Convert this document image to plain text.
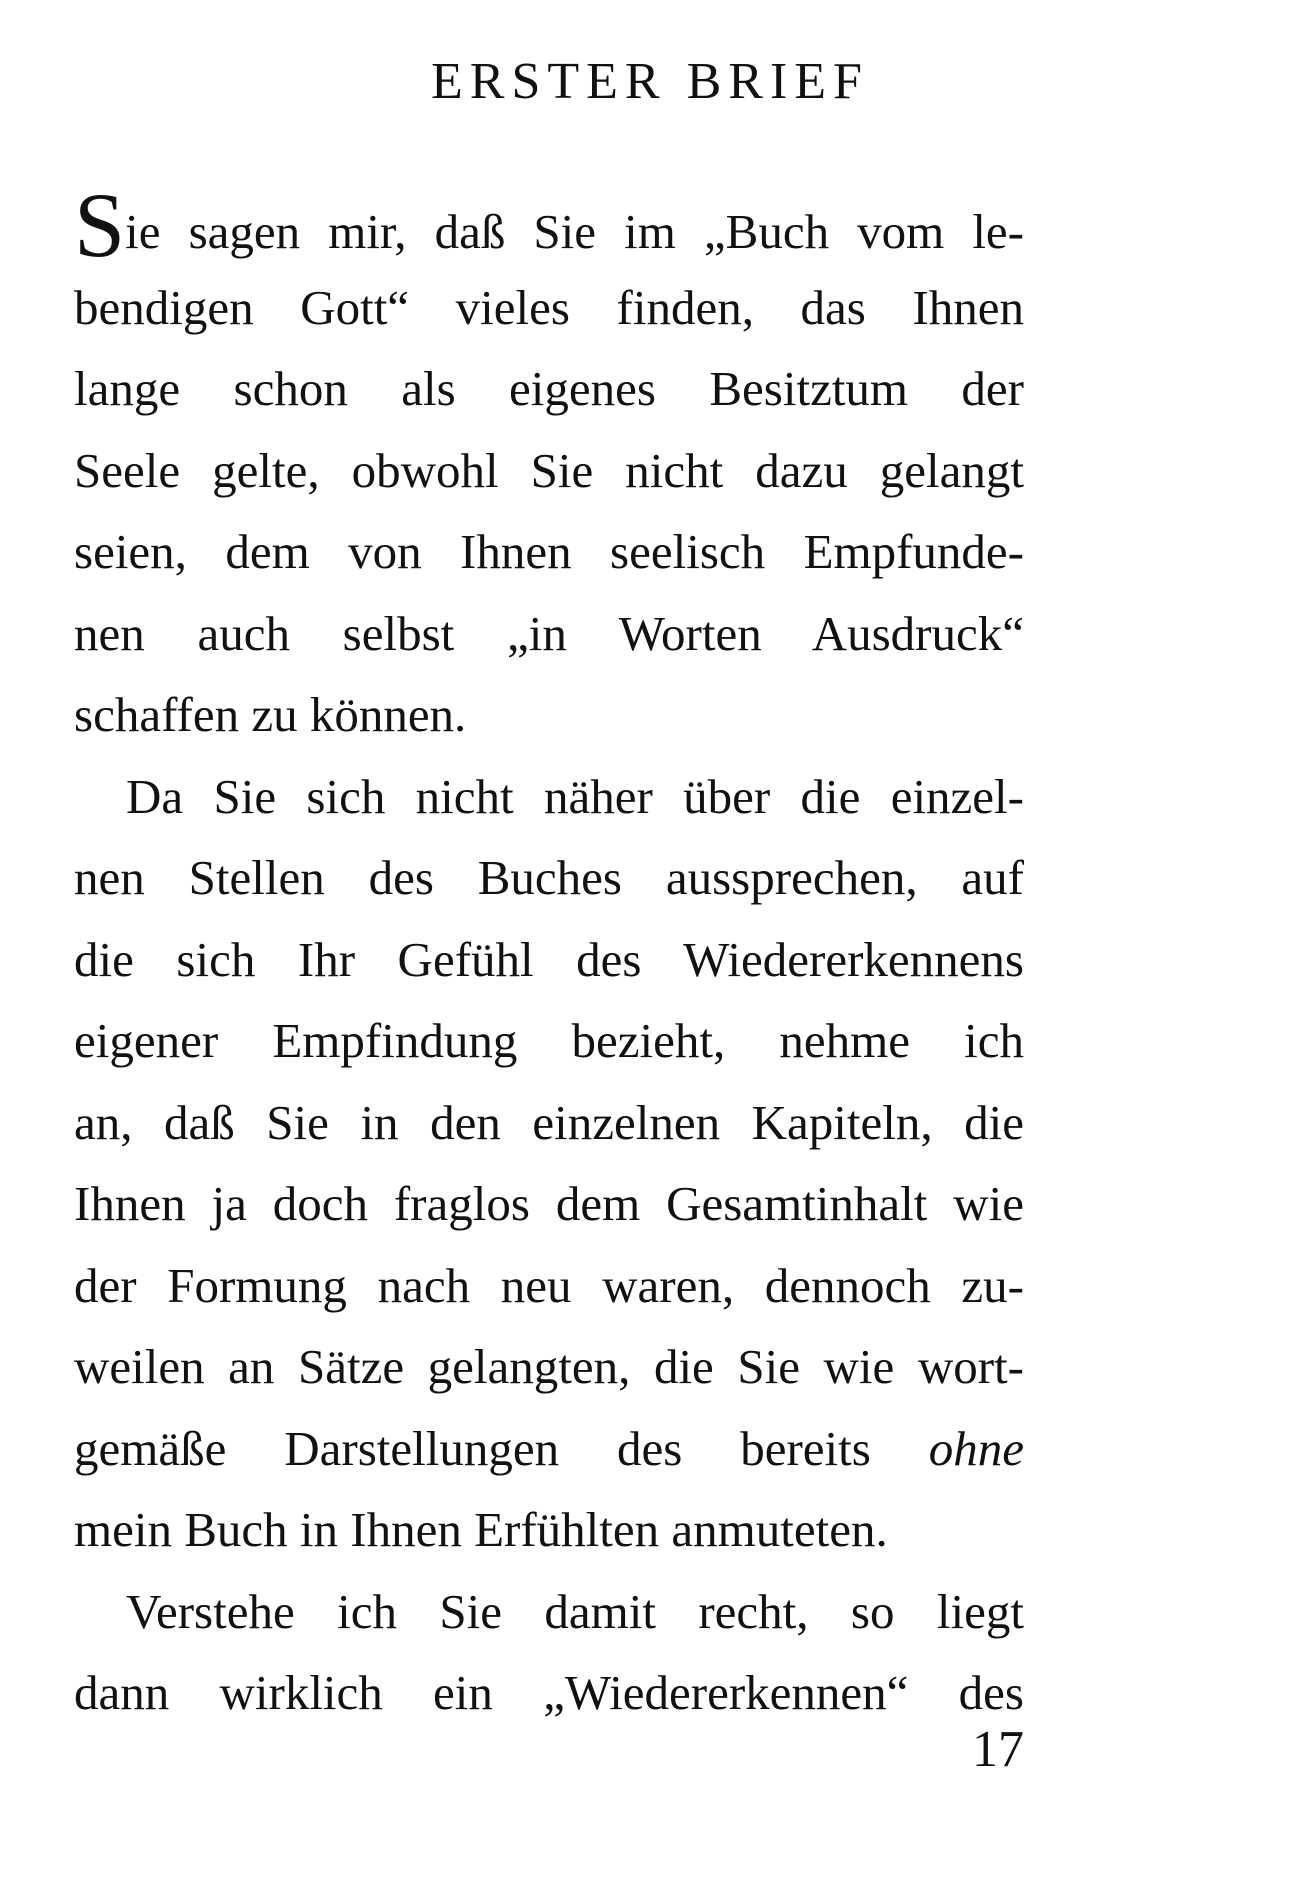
ERSTER BRIEF
Sie sagen mir, daß Sie im „Buch vom le-
bendigen Gott“ vieles finden, das Ihnen
lange schon als eigenes Besitztum der
Seele gelte, obwohl Sie nicht dazu gelangt
seien, dem von Ihnen seelisch Empfunde-
nen auch selbst „in Worten Ausdruck“
schaffen zu können.
Da Sie sich nicht näher über die einzel-
nen Stellen des Buches aussprechen, auf
die sich Ihr Gefühl des Wiedererkennens
eigener Empfindung bezieht, nehme ich
an, daß Sie in den einzelnen Kapiteln, die
Ihnen ja doch fraglos dem Gesamtinhalt wie
der Formung nach neu waren, dennoch zu-
weilen an Sätze gelangten, die Sie wie wort-
gemäße Darstellungen des bereits ohne
mein Buch in Ihnen Erfühlten anmuteten.
Verstehe ich Sie damit recht, so liegt
dann wirklich ein „Wiedererkennen“ des
17
